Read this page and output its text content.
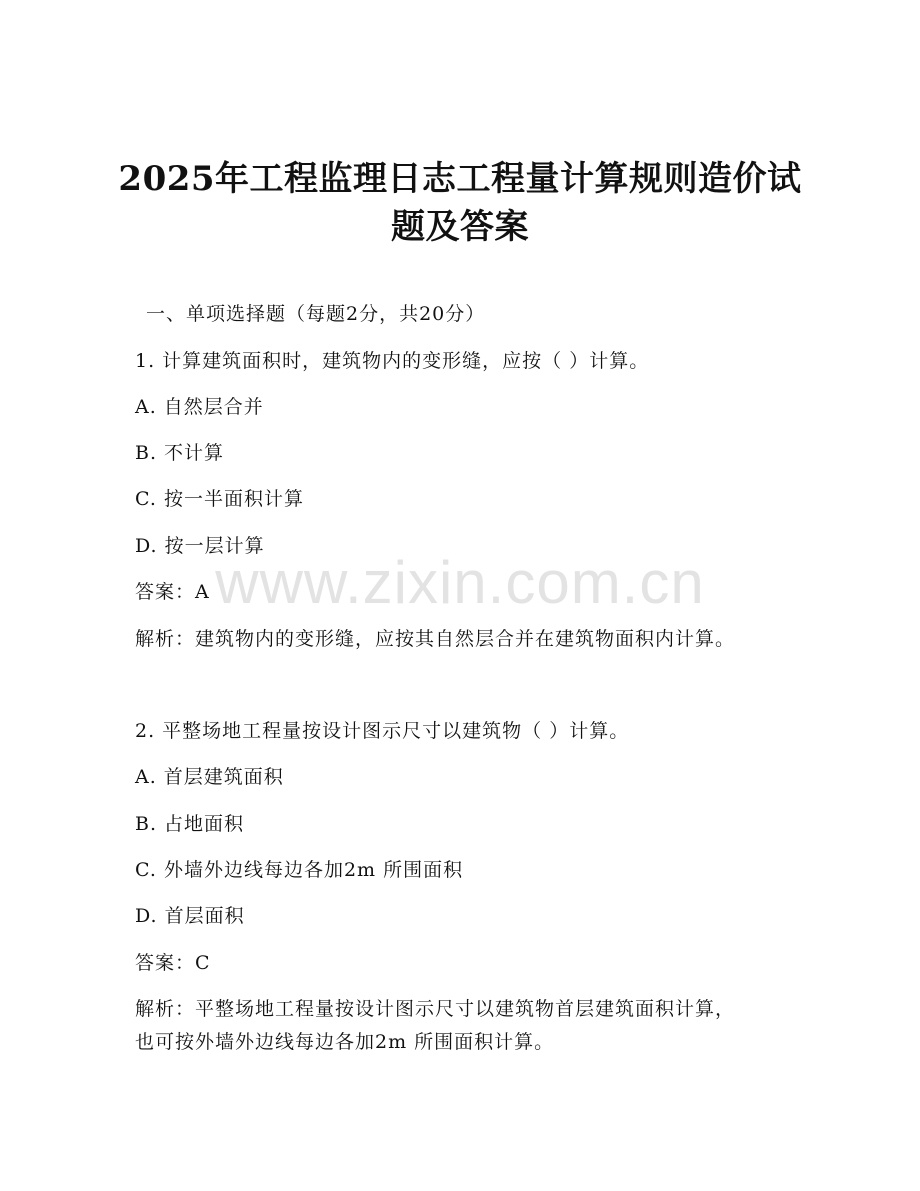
2025年工程监理日志工程量计算规则造价试
题及答案
一、单项选择题（每题2分，共20分）
1. 计算建筑面积时，建筑物内的变形缝，应按（ ）计算。
A. 自然层合并
B. 不计算
C. 按一半面积计算
D. 按一层计算
答案：A
解析：建筑物内的变形缝，应按其自然层合并在建筑物面积内计算。
2. 平整场地工程量按设计图示尺寸以建筑物（ ）计算。
A. 首层建筑面积
B. 占地面积
C. 外墙外边线每边各加2m 所围面积
D. 首层面积
答案：C
解析：平整场地工程量按设计图示尺寸以建筑物首层建筑面积计算，
也可按外墙外边线每边各加2m 所围面积计算。
www.zixin.com.cn
